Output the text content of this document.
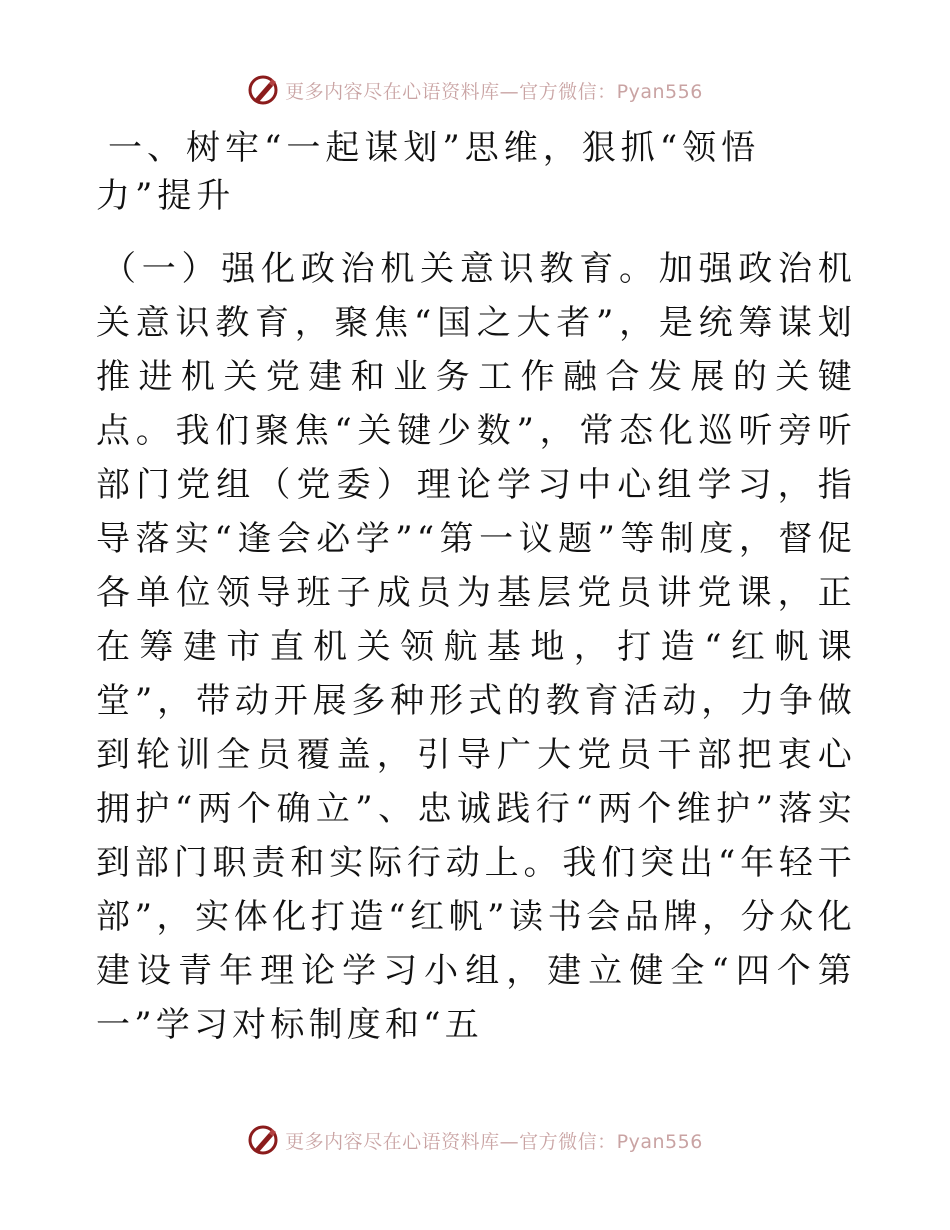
更多内容尽在心语资料库—官方微信：Pyan556
一、树牢“一起谋划”思维，狠抓“领悟力”提升

（一）强化政治机关意识教育。加强政治机关意识教育，聚焦“国之大者”，是统筹谋划推进机关党建和业务工作融合发展的关键点。我们聚焦“关键少数”，常态化巡听旁听部门党组（党委）理论学习中心组学习，指导落实“逢会必学”“第一议题”等制度，督促各单位领导班子成员为基层党员讲党课，正在筹建市直机关领航基地，打造“红帆课堂”，带动开展多种形式的教育活动，力争做到轮训全员覆盖，引导广大党员干部把衷心拥护“两个确立”、忠诚践行“两个维护”落实到部门职责和实际行动上。我们突出“年轻干部”，实体化打造“红帆”读书会品牌，分众化建设青年理论学习小组，建立健全“四个第一”学习对标制度和“五

更多内容尽在心语资料库—官方微信：Pyan556
